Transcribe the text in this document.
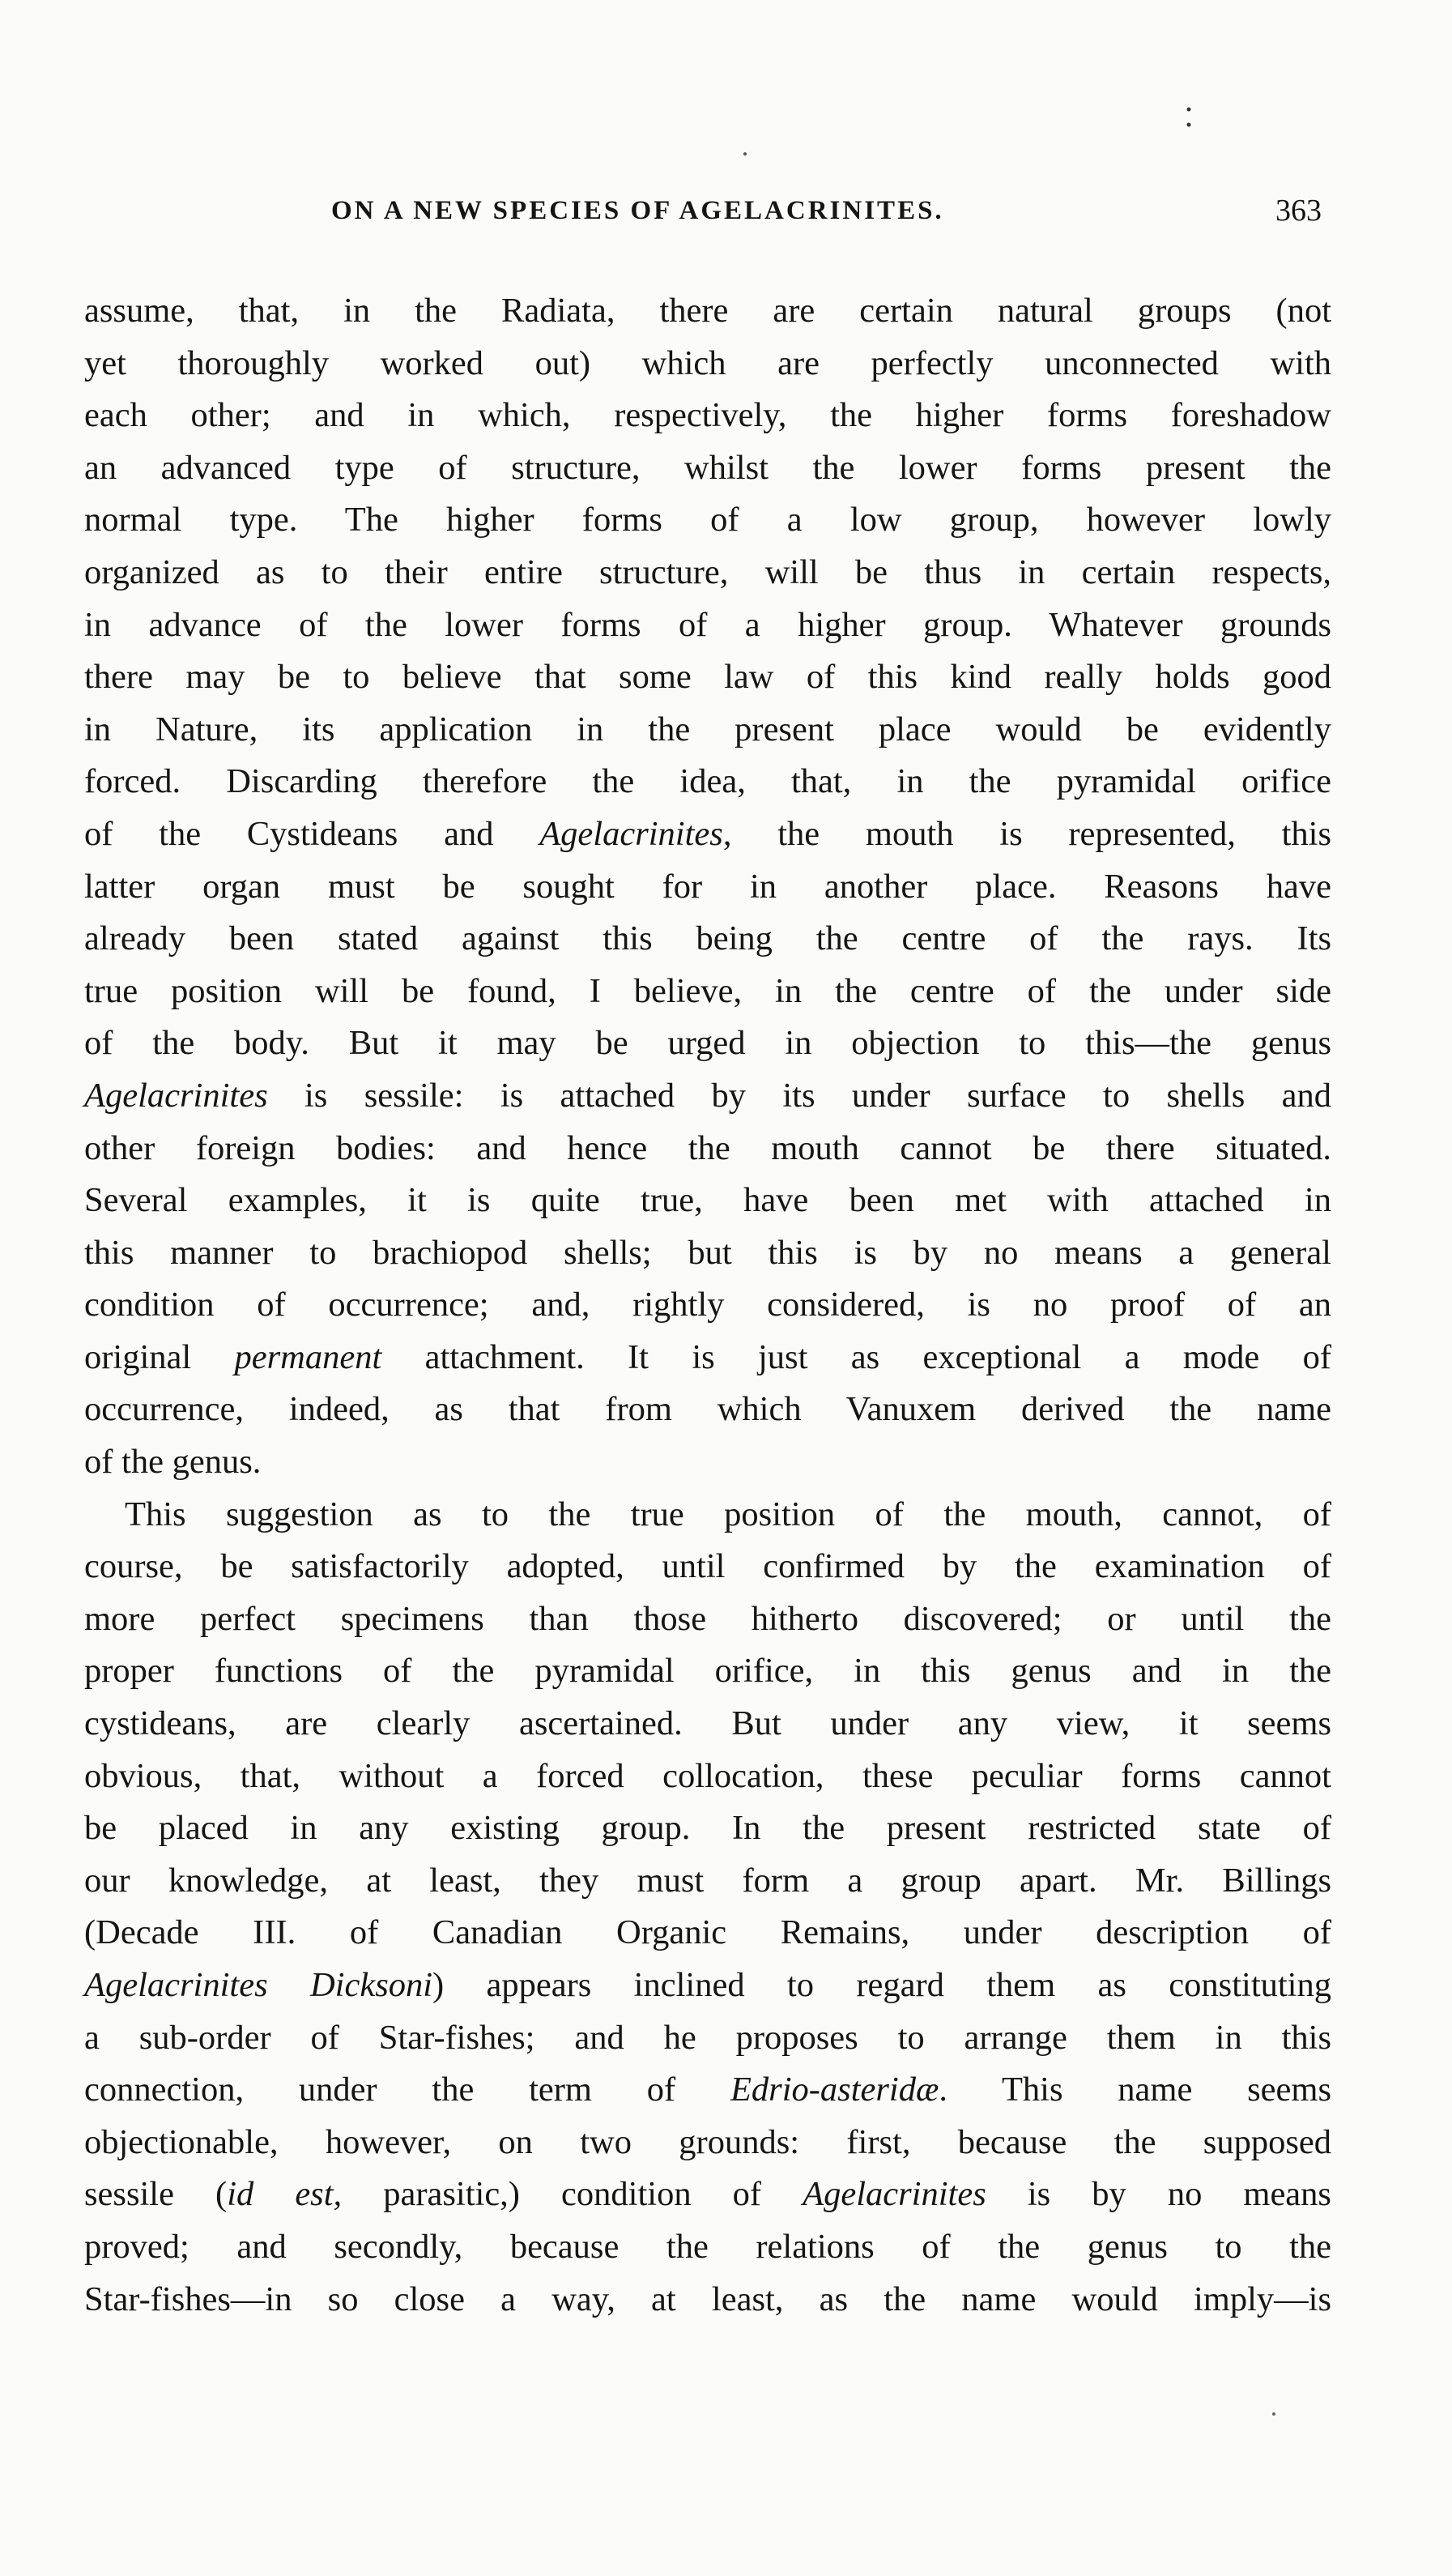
ON A NEW SPECIES OF AGELACRINITES.	363
assume, that, in the Radiata, there are certain natural groups (not
yet thoroughly worked out) which are perfectly unconnected with
each other; and in which, respectively, the higher forms foreshadow
an advanced type of structure, whilst the lower forms present the
normal type. The higher forms of a low group, however lowly
organized as to their entire structure, will be thus in certain respects,
in advance of the lower forms of a higher group. Whatever grounds
there may be to believe that some law of this kind really holds good
in Nature, its application in the present place would be evidently
forced. Discarding therefore the idea, that, in the pyramidal orifice
of the Cystideans and Agelacrinites, the mouth is represented, this
latter organ must be sought for in another place. Reasons have
already been stated against this being the centre of the rays. Its
true position will be found, I believe, in the centre of the under side
of the body. But it may be urged in objection to this—the genus
Agelacrinites is sessile: is attached by its under surface to shells and
other foreign bodies: and hence the mouth cannot be there situated.
Several examples, it is quite true, have been met with attached in
this manner to brachiopod shells; but this is by no means a general
condition of occurrence; and, rightly considered, is no proof of an
original permanent attachment. It is just as exceptional a mode of
occurrence, indeed, as that from which Vanuxem derived the name
of the genus.
This suggestion as to the true position of the mouth, cannot, of
course, be satisfactorily adopted, until confirmed by the examination of
more perfect specimens than those hitherto discovered; or until the
proper functions of the pyramidal orifice, in this genus and in the
cystideans, are clearly ascertained. But under any view, it seems
obvious, that, without a forced collocation, these peculiar forms cannot
be placed in any existing group. In the present restricted state of
our knowledge, at least, they must form a group apart. Mr. Billings
(Decade III. of Canadian Organic Remains, under description of
Agelacrinites Dicksoni) appears inclined to regard them as constituting
a sub-order of Star-fishes; and he proposes to arrange them in this
connection, under the term of Edrio-asteridæ. This name seems
objectionable, however, on two grounds: first, because the supposed
sessile (id est, parasitic,) condition of Agelacrinites is by no means
proved; and secondly, because the relations of the genus to the
Star-fishes—in so close a way, at least, as the name would imply—is
